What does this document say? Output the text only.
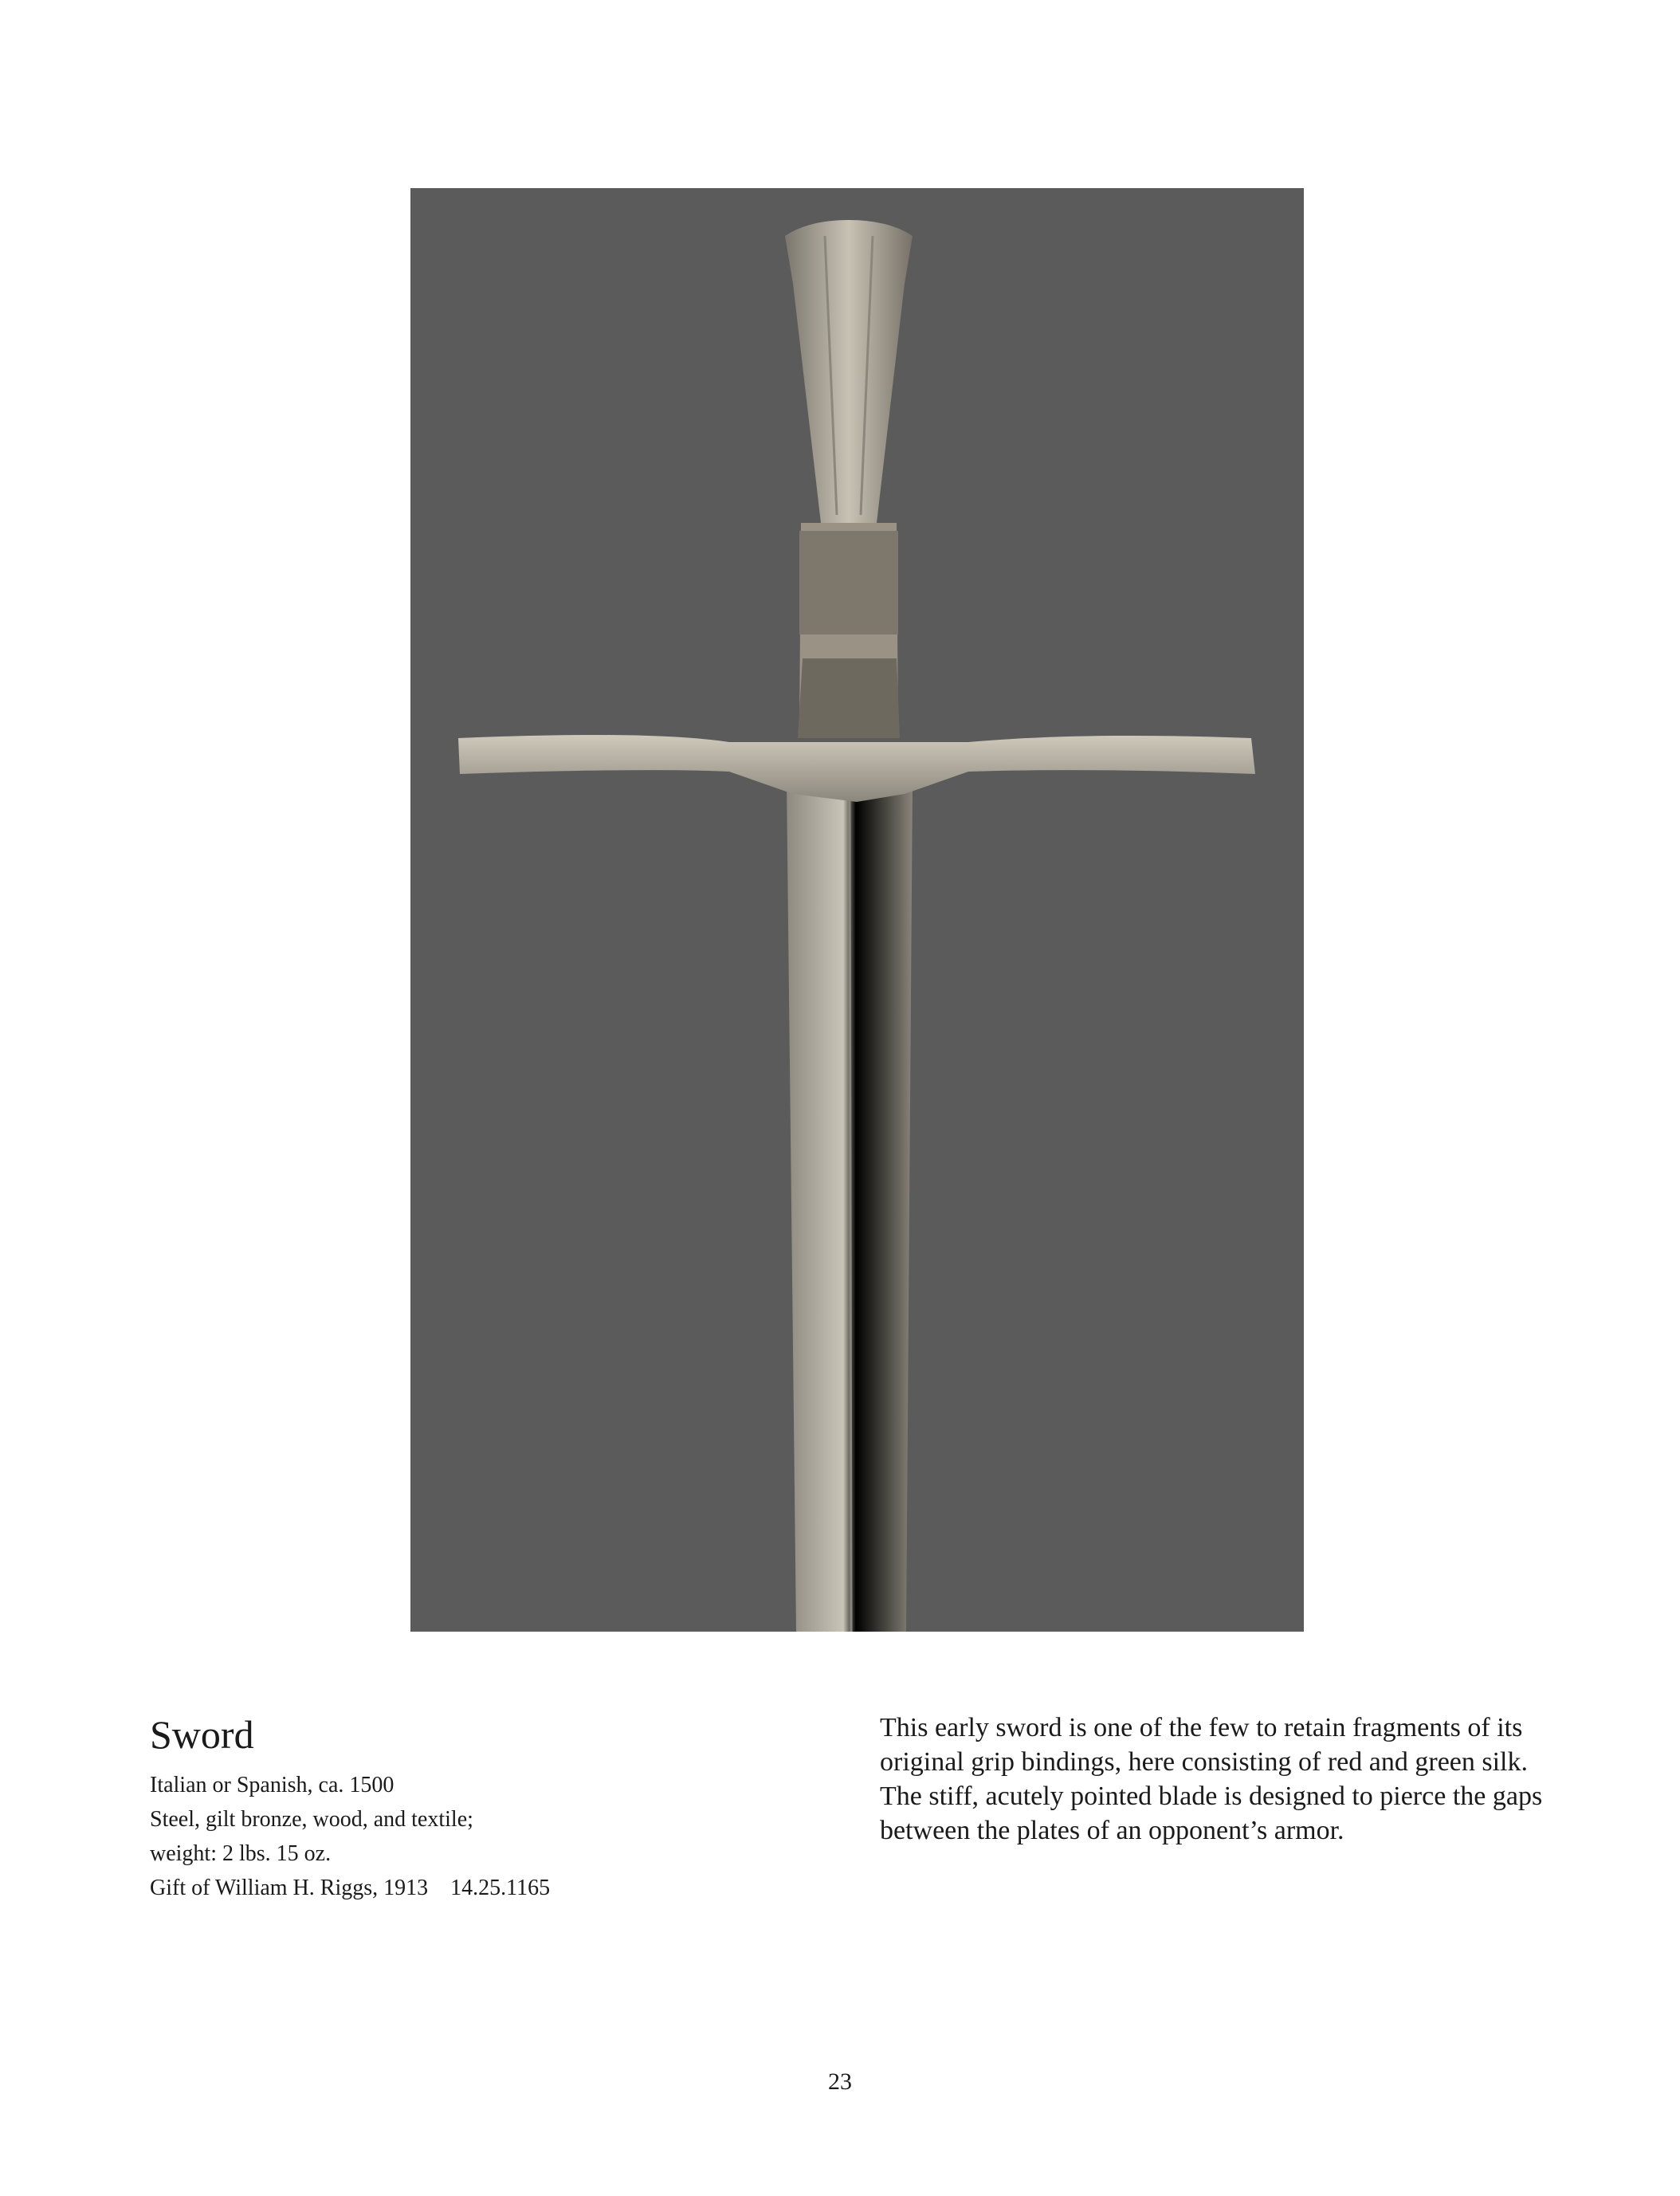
Sword

Italian or Spanish, ca. 1500

Steel, gilt bronze, wood, and textile;

weight: 2 lbs. 15 oz.

Gift of William H. Riggs, 1913 14.25.1165

This early sword is one of the few to retain fragments of its original grip bindings, here consisting of red and green silk. The stiff, acutely pointed blade is designed to pierce the gaps between the plates of an opponent’s armor.

23
